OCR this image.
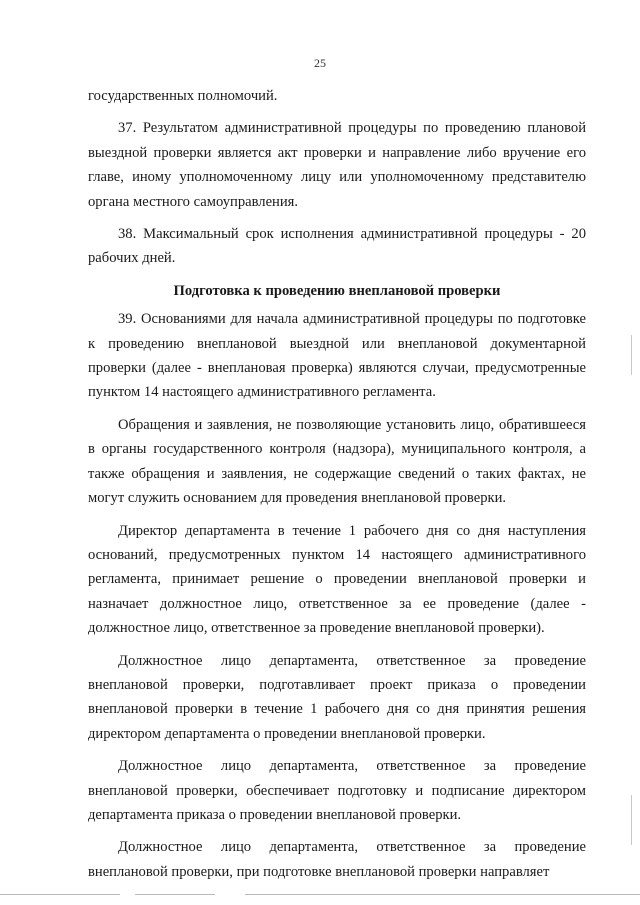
25

государственных полномочий.

37. Результатом административной процедуры по проведению плановой выездной проверки является акт проверки и направление либо вручение его главе, иному уполномоченному лицу или уполномоченному представителю органа местного самоуправления.

38. Максимальный срок исполнения административной процедуры - 20 рабочих дней.

Подготовка к проведению внеплановой проверки

39. Основаниями для начала административной процедуры по подготовке к проведению внеплановой выездной или внеплановой документарной проверки (далее - внеплановая проверка) являются случаи, предусмотренные пунктом 14 настоящего административного регламента.

Обращения и заявления, не позволяющие установить лицо, обратившееся в органы государственного контроля (надзора), муниципального контроля, а также обращения и заявления, не содержащие сведений о таких фактах, не могут служить основанием для проведения внеплановой проверки.

Директор департамента в течение 1 рабочего дня со дня наступления оснований, предусмотренных пунктом 14 настоящего административного регламента, принимает решение о проведении внеплановой проверки и назначает должностное лицо, ответственное за ее проведение (далее - должностное лицо, ответственное за проведение внеплановой проверки).

Должностное лицо департамента, ответственное за проведение внеплановой проверки, подготавливает проект приказа о проведении внеплановой проверки в течение 1 рабочего дня со дня принятия решения директором департамента о проведении внеплановой проверки.

Должностное лицо департамента, ответственное за проведение внеплановой проверки, обеспечивает подготовку и подписание директором департамента приказа о проведении внеплановой проверки.

Должностное лицо департамента, ответственное за проведение внеплановой проверки, при подготовке внеплановой проверки направляет
